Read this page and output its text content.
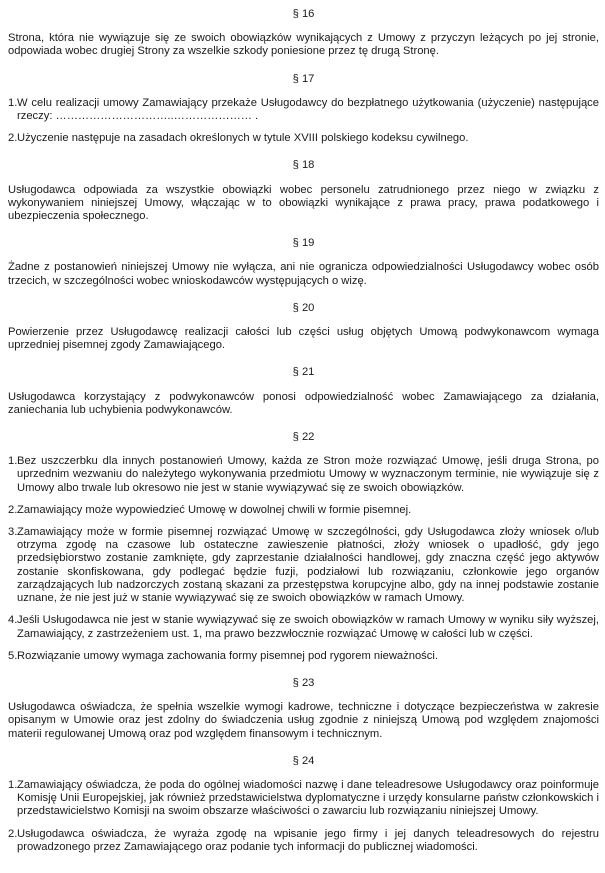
§ 16

Strona, która nie wywiązuje się ze swoich obowiązków wynikających z Umowy z przyczyn leżących po jej stronie, odpowiada wobec drugiej Strony za wszelkie szkody poniesione przez tę drugą Stronę.

§ 17
1. W celu realizacji umowy Zamawiający przekaże Usługodawcy do bezpłatnego użytkowania (użyczenie) następujące rzeczy: …………………………..………………… .
2. Użyczenie następuje na zasadach określonych w tytule XVIII polskiego kodeksu cywilnego.
§ 18

Usługodawca odpowiada za wszystkie obowiązki wobec personelu zatrudnionego przez niego w związku z wykonywaniem niniejszej Umowy, włączając w to obowiązki wynikające z prawa pracy, prawa podatkowego i ubezpieczenia społecznego.

§ 19

Żadne z postanowień niniejszej Umowy nie wyłącza, ani nie ogranicza odpowiedzialności Usługodawcy wobec osób trzecich, w szczególności wobec wnioskodawców występujących o wizę.

§ 20

Powierzenie przez Usługodawcę realizacji całości lub części usług objętych Umową podwykonawcom wymaga uprzedniej pisemnej zgody Zamawiającego.

§ 21

Usługodawca korzystający z podwykonawców ponosi odpowiedzialność wobec Zamawiającego za działania, zaniechania lub uchybienia podwykonawców.

§ 22
1. Bez uszczerbku dla innych postanowień Umowy, każda ze Stron może rozwiązać Umowę, jeśli druga Strona, po uprzednim wezwaniu do należytego wykonywania przedmiotu Umowy w wyznaczonym terminie, nie wywiązuje się z Umowy albo trwale lub okresowo nie jest w stanie wywiązywać się ze swoich obowiązków.
2. Zamawiający może wypowiedzieć Umowę w dowolnej chwili w formie pisemnej.
3. Zamawiający może w formie pisemnej rozwiązać Umowę w szczególności, gdy Usługodawca złoży wniosek o/lub otrzyma zgodę na czasowe lub ostateczne zawieszenie płatności, złoży wniosek o upadłość, gdy jego przedsiębiorstwo zostanie zamknięte, gdy zaprzestanie działalności handlowej, gdy znaczna część jego aktywów zostanie skonfiskowana, gdy podlegać będzie fuzji, podziałowi lub rozwiązaniu, członkowie jego organów zarządzających lub nadzorczych zostaną skazani za przestępstwa korupcyjne albo, gdy na innej podstawie zostanie uznane, że nie jest już w stanie wywiązywać się ze swoich obowiązków w ramach Umowy.
4. Jeśli Usługodawca nie jest w stanie wywiązywać się ze swoich obowiązków w ramach Umowy w wyniku siły wyższej, Zamawiający, z zastrzeżeniem ust. 1, ma prawo bezzwłocznie rozwiązać Umowę w całości lub w części.
5. Rozwiązanie umowy wymaga zachowania formy pisemnej pod rygorem nieważności.
§ 23

Usługodawca oświadcza, że spełnia wszelkie wymogi kadrowe, techniczne i dotyczące bezpieczeństwa w zakresie opisanym w Umowie oraz jest zdolny do świadczenia usług zgodnie z niniejszą Umową pod względem znajomości materii regulowanej Umową oraz pod względem finansowym i technicznym.

§ 24
1. Zamawiający oświadcza, że poda do ogólnej wiadomości nazwę i dane teleadresowe Usługodawcy oraz poinformuje Komisję Unii Europejskiej, jak również przedstawicielstwa dyplomatyczne i urzędy konsularne państw członkowskich i przedstawicielstwo Komisji na swoim obszarze właściwości o zawarciu lub rozwiązaniu niniejszej Umowy.
2. Usługodawca oświadcza, że wyraża zgodę na wpisanie jego firmy i jej danych teleadresowych do rejestru prowadzonego przez Zamawiającego oraz podanie tych informacji do publicznej wiadomości.
